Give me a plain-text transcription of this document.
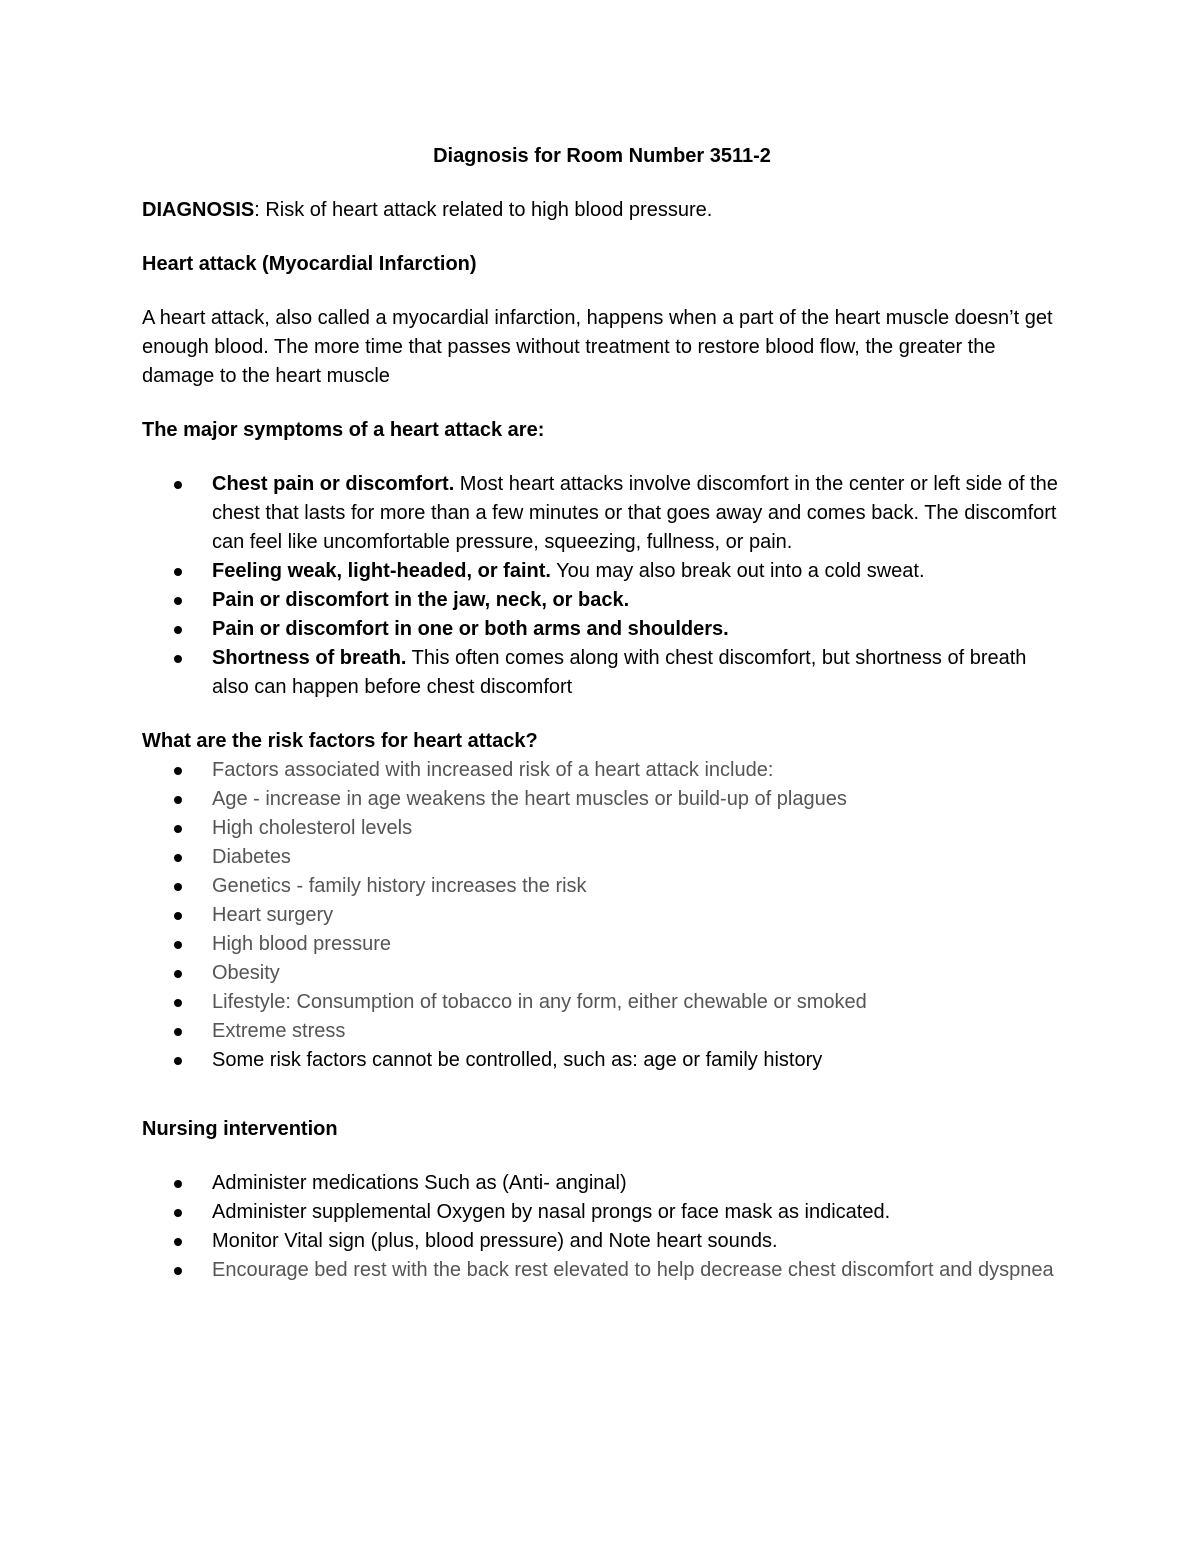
Diagnosis for Room Number 3511-2
DIAGNOSIS: Risk of heart attack related to high blood pressure.
Heart attack (Myocardial Infarction)
A heart attack, also called a myocardial infarction, happens when a part of the heart muscle doesn’t get enough blood. The more time that passes without treatment to restore blood flow, the greater the damage to the heart muscle
The major symptoms of a heart attack are:
Chest pain or discomfort. Most heart attacks involve discomfort in the center or left side of the chest that lasts for more than a few minutes or that goes away and comes back. The discomfort can feel like uncomfortable pressure, squeezing, fullness, or pain.
Feeling weak, light-headed, or faint. You may also break out into a cold sweat.
Pain or discomfort in the jaw, neck, or back.
Pain or discomfort in one or both arms and shoulders.
Shortness of breath. This often comes along with chest discomfort, but shortness of breath also can happen before chest discomfort
What are the risk factors for heart attack?
Factors associated with increased risk of a heart attack include:
Age - increase in age weakens the heart muscles or build-up of plagues
High cholesterol levels
Diabetes
Genetics - family history increases the risk
Heart surgery
High blood pressure
Obesity
Lifestyle: Consumption of tobacco in any form, either chewable or smoked
Extreme stress
Some risk factors cannot be controlled, such as: age or family history
Nursing intervention
Administer medications Such as (Anti- anginal)
Administer supplemental Oxygen by nasal prongs or face mask as indicated.
Monitor Vital sign (plus, blood pressure) and Note heart sounds.
Encourage bed rest with the back rest elevated to help decrease chest discomfort and dyspnea
